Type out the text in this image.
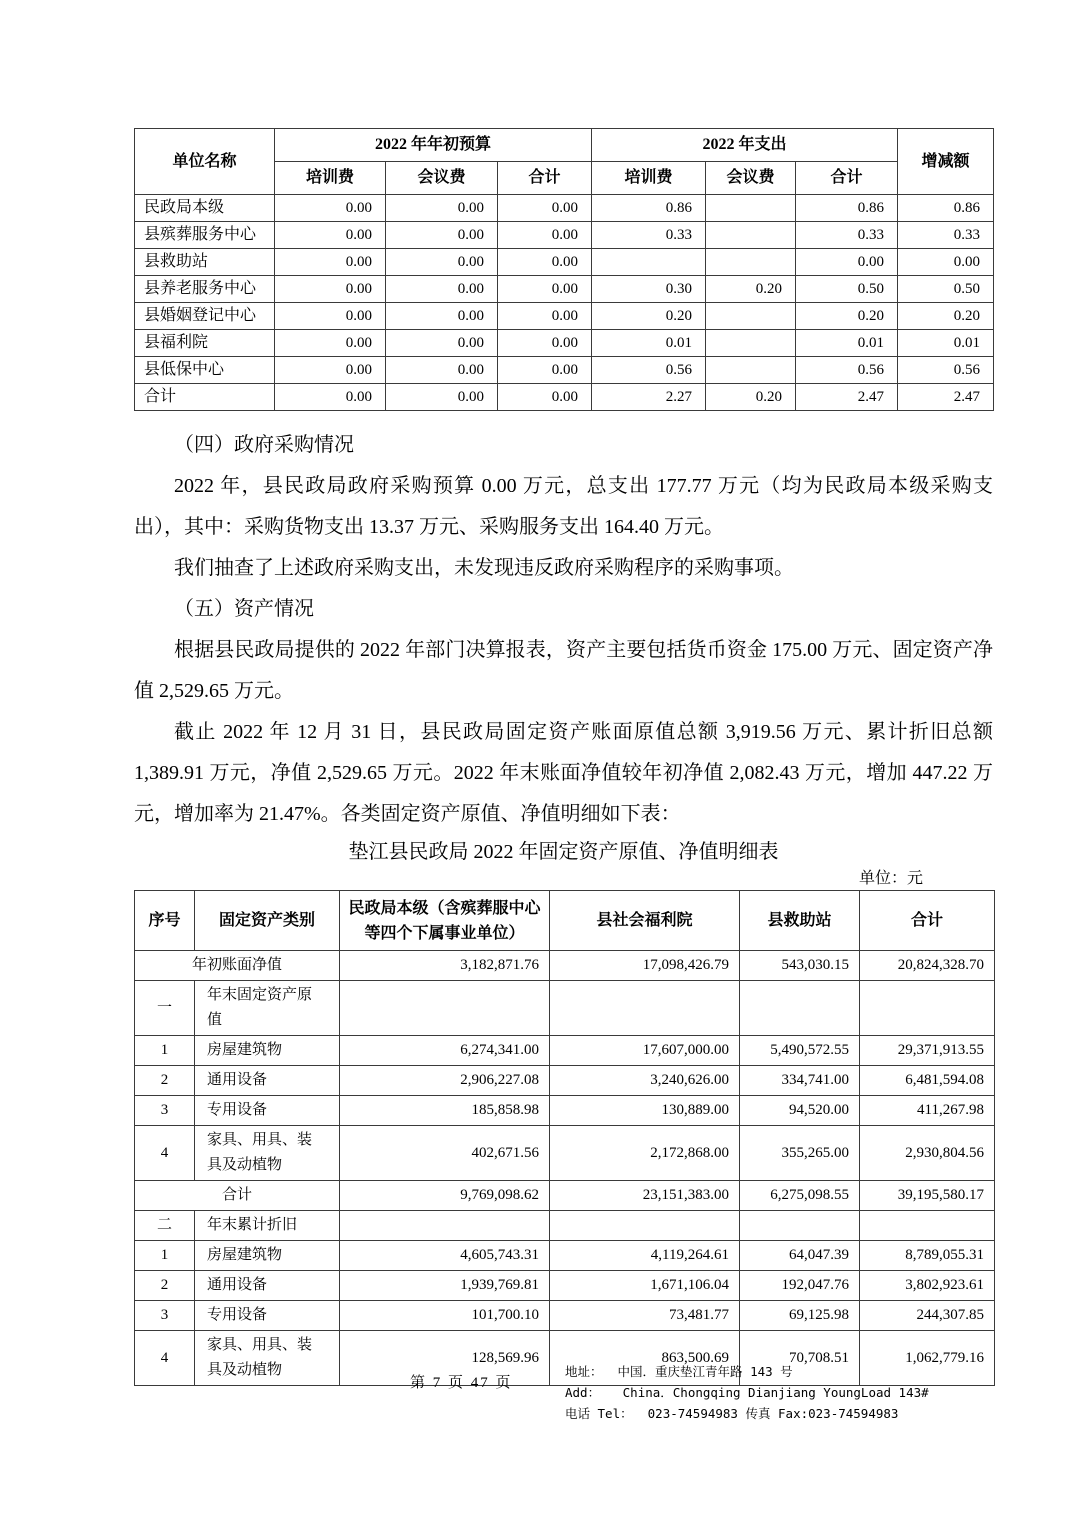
单位名称	2022 年年初预算			2022 年支出			增减额
	培训费	会议费	合计	培训费	会议费	合计	
民政局本级	0.00	0.00	0.00	0.86		0.86	0.86
县殡葬服务中心	0.00	0.00	0.00	0.33		0.33	0.33
县救助站	0.00	0.00	0.00			0.00	0.00
县养老服务中心	0.00	0.00	0.00	0.30	0.20	0.50	0.50
县婚姻登记中心	0.00	0.00	0.00	0.20		0.20	0.20
县福利院	0.00	0.00	0.00	0.01		0.01	0.01
县低保中心	0.00	0.00	0.00	0.56		0.56	0.56
合计	0.00	0.00	0.00	2.27	0.20	2.47	2.47

（四）政府采购情况

2022 年，县民政局政府采购预算 0.00 万元，总支出 177.77 万元（均为民政局本级采购支出），其中：采购货物支出 13.37 万元、采购服务支出 164.40 万元。

我们抽查了上述政府采购支出，未发现违反政府采购程序的采购事项。

（五）资产情况

根据县民政局提供的 2022 年部门决算报表，资产主要包括货币资金 175.00 万元、固定资产净值 2,529.65 万元。

截止 2022 年 12 月 31 日，县民政局固定资产账面原值总额 3,919.56 万元、累计折旧总额 1,389.91 万元，净值 2,529.65 万元。2022 年末账面净值较年初净值 2,082.43 万元，增加 447.22 万元，增加率为 21.47%。各类固定资产原值、净值明细如下表：

垫江县民政局 2022 年固定资产原值、净值明细表
单位：元
序号	固定资产类别	民政局本级（含殡葬服中心等四个下属事业单位）	县社会福利院	县救助站	合计
年初账面净值		3,182,871.76	17,098,426.79	543,030.15	20,824,328.70
一	年末固定资产原值				
1	房屋建筑物	6,274,341.00	17,607,000.00	5,490,572.55	29,371,913.55
2	通用设备	2,906,227.08	3,240,626.00	334,741.00	6,481,594.08
3	专用设备	185,858.98	130,889.00	94,520.00	411,267.98
4	家具、用具、装具及动植物	402,671.56	2,172,868.00	355,265.00	2,930,804.56
合计		9,769,098.62	23,151,383.00	6,275,098.55	39,195,580.17
二	年末累计折旧				
1	房屋建筑物	4,605,743.31	4,119,264.61	64,047.39	8,789,055.31
2	通用设备	1,939,769.81	1,671,106.04	192,047.76	3,802,923.61
3	专用设备	101,700.10	73,481.77	69,125.98	244,307.85
4	家具、用具、装具及动植物	128,569.96	863,500.69	70,708.51	1,062,779.16
第 7 页 47 页
地址：  中国．重庆垫江青年路 143 号
Add：   China．Chongqing Dianjiang YoungLoad 143#
电话 Tel：  023-74594983 传真 Fax:023-74594983
